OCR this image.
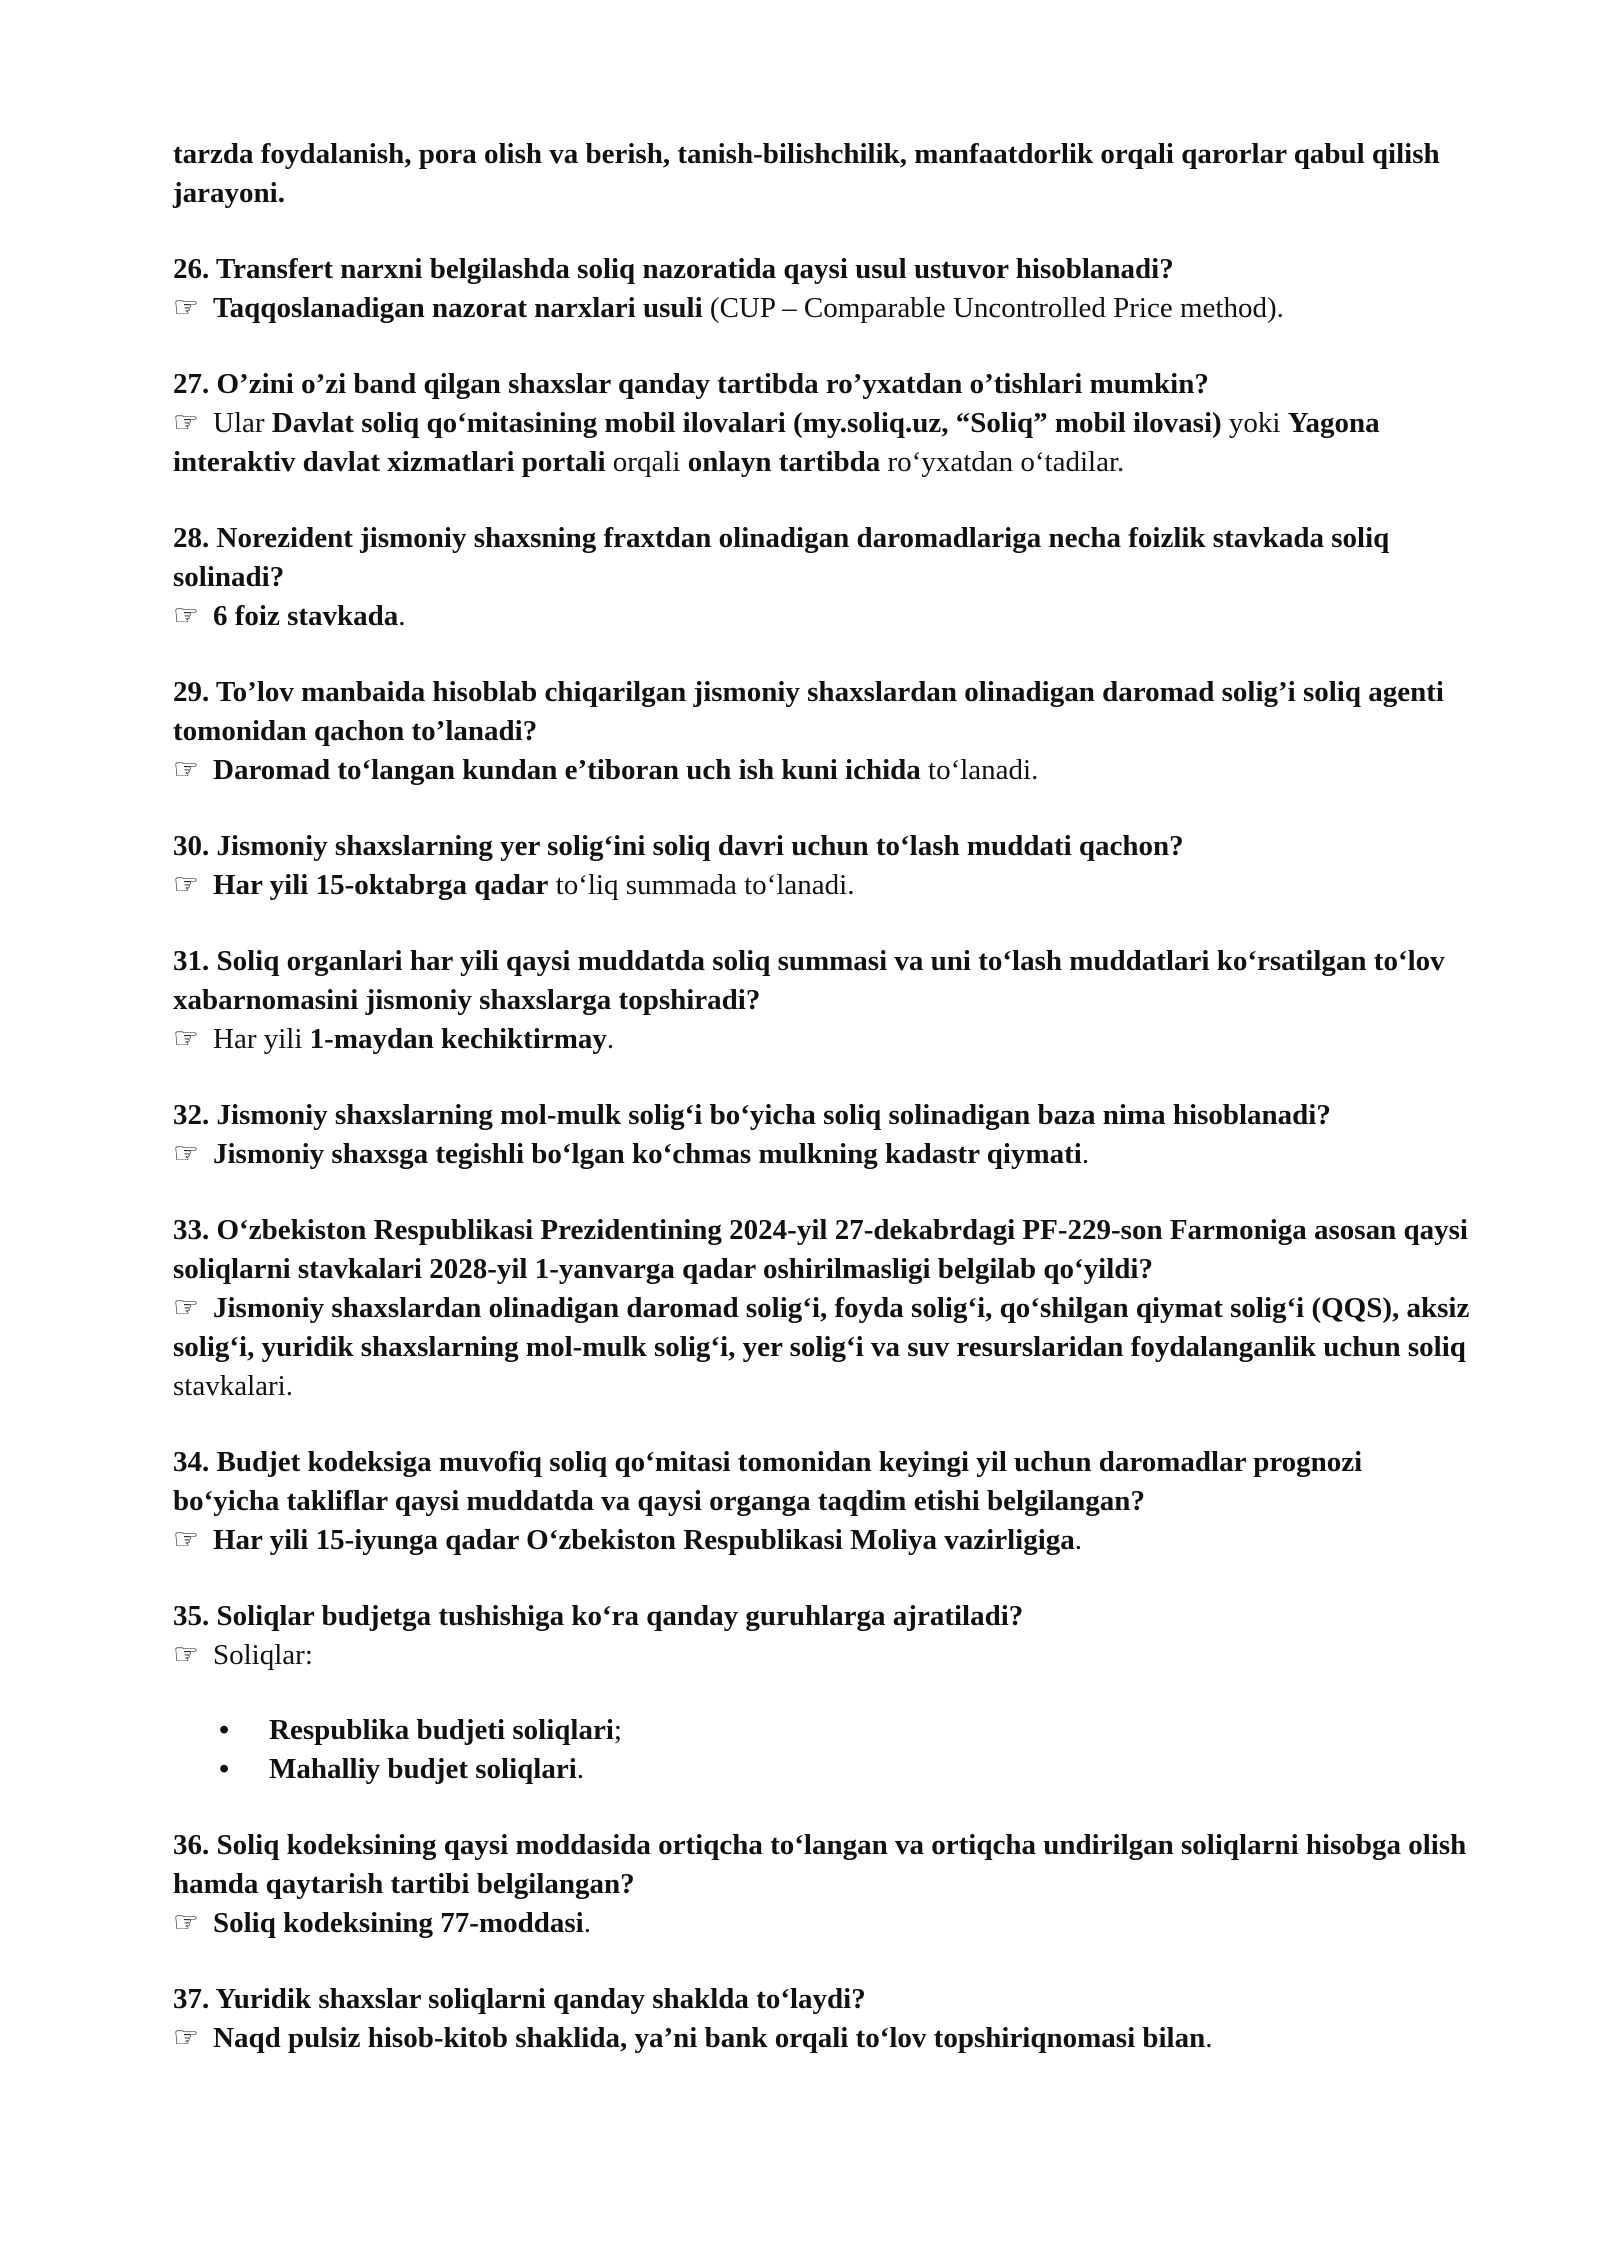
tarzda foydalanish, pora olish va berish, tanish-bilishchilik, manfaatdorlik orqali qarorlar qabul qilish jarayoni.

26. Transfert narxni belgilashda soliq nazoratida qaysi usul ustuvor hisoblanadi?

☞ Taqqoslanadigan nazorat narxlari usuli (CUP – Comparable Uncontrolled Price method).

27. O’zini o’zi band qilgan shaxslar qanday tartibda ro’yxatdan o’tishlari mumkin?

☞ Ular Davlat soliq qo‘mitasining mobil ilovalari (my.soliq.uz, “Soliq” mobil ilovasi) yoki Yagona interaktiv davlat xizmatlari portali orqali onlayn tartibda ro‘yxatdan o‘tadilar.

28. Norezident jismoniy shaxsning fraxtdan olinadigan daromadlariga necha foizlik stavkada soliq solinadi?

☞ 6 foiz stavkada.

29. To’lov manbaida hisoblab chiqarilgan jismoniy shaxslardan olinadigan daromad solig’i soliq agenti tomonidan qachon to’lanadi?

☞ Daromad to‘langan kundan e’tiboran uch ish kuni ichida to‘lanadi.

30. Jismoniy shaxslarning yer solig‘ini soliq davri uchun to‘lash muddati qachon?

☞ Har yili 15-oktabrga qadar to‘liq summada to‘lanadi.

31. Soliq organlari har yili qaysi muddatda soliq summasi va uni to‘lash muddatlari ko‘rsatilgan to‘lov xabarnomasini jismoniy shaxslarga topshiradi?

☞ Har yili 1-maydan kechiktirmay.

32. Jismoniy shaxslarning mol-mulk solig‘i bo‘yicha soliq solinadigan baza nima hisoblanadi?

☞ Jismoniy shaxsga tegishli bo‘lgan ko‘chmas mulkning kadastr qiymati.

33. O‘zbekiston Respublikasi Prezidentining 2024-yil 27-dekabrdagi PF-229-son Farmoniga asosan qaysi soliqlarni stavkalari 2028-yil 1-yanvarga qadar oshirilmasligi belgilab qo‘yildi?

☞ Jismoniy shaxslardan olinadigan daromad solig‘i, foyda solig‘i, qo‘shilgan qiymat solig‘i (QQS), aksiz solig‘i, yuridik shaxslarning mol-mulk solig‘i, yer solig‘i va suv resurslaridan foydalanganlik uchun soliq stavkalari.

34. Budjet kodeksiga muvofiq soliq qo‘mitasi tomonidan keyingi yil uchun daromadlar prognozi bo‘yicha takliflar qaysi muddatda va qaysi organga taqdim etishi belgilangan?

☞ Har yili 15-iyunga qadar O‘zbekiston Respublikasi Moliya vazirligiga.

35. Soliqlar budjetga tushishiga ko‘ra qanday guruhlarga ajratiladi?

☞ Soliqlar:

• Respublika budjeti soliqlari;
• Mahalliy budjet soliqlari.

36. Soliq kodeksining qaysi moddasida ortiqcha to‘langan va ortiqcha undirilgan soliqlarni hisobga olish hamda qaytarish tartibi belgilangan?

☞ Soliq kodeksining 77-moddasi.

37. Yuridik shaxslar soliqlarni qanday shaklda to‘laydi?

☞ Naqd pulsiz hisob-kitob shaklida, ya’ni bank orqali to‘lov topshiriqnomasi bilan.
